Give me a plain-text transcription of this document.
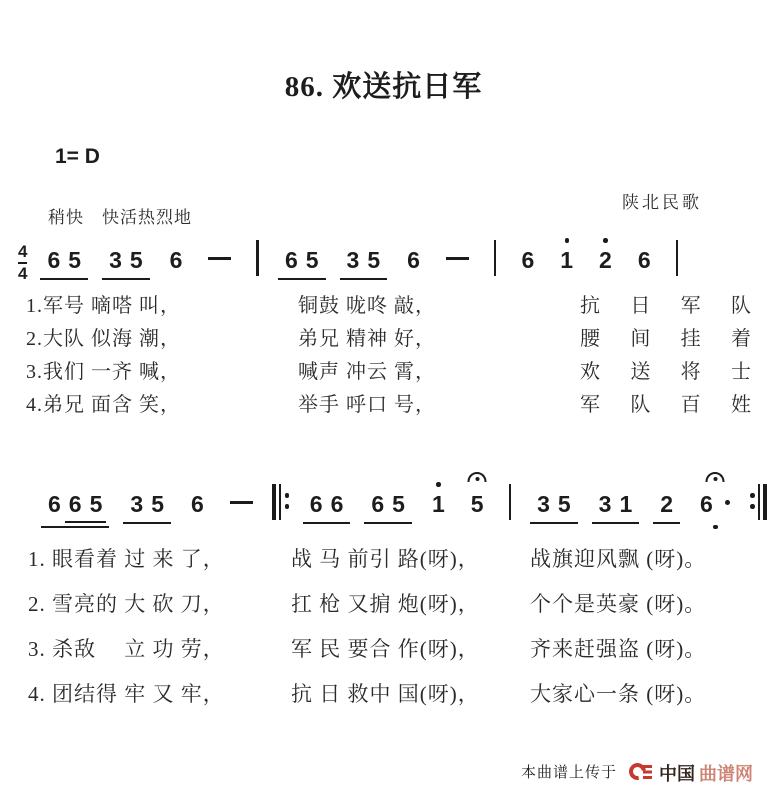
86. 欢送抗日军
1= D
陕北民歌
稍快　快活热烈地
$\frac{4}{4} 6$ 5 3 5 6	6 5 3 5 6	6 1 2 6
6 6 5 3 5 6	6 6 6 5 1 5 3 5 3 1 2 6
1.军号 嘀嗒 叫，	铜鼓 咙咚 敲，	抗 日 军 队
2.大队 似海 潮，	弟兄 精神 好，	腰 间 挂 着
3.我们 一齐 喊，	喊声 冲云 霄，	欢 送 将 士
4.弟兄 面含 笑，	举手 呼口 号，	军 队 百 姓
1. 眼看着 过 来 了，	战 马 前引 路(呀)， 战旗迎风飘 (呀)。
2. 雪亮的 大 砍 刀，	扛 枪 又掮 炮(呀)， 个个是英豪 (呀)。
3. 杀敌　 立 功 劳，	军 民 要合 作(呀)， 齐来赶强盗 (呀)。
4. 团结得 牢 又 牢，	抗 日 救中 国(呀)， 大家心一条 (呀)。
本曲谱上传于 中国 曲谱网
